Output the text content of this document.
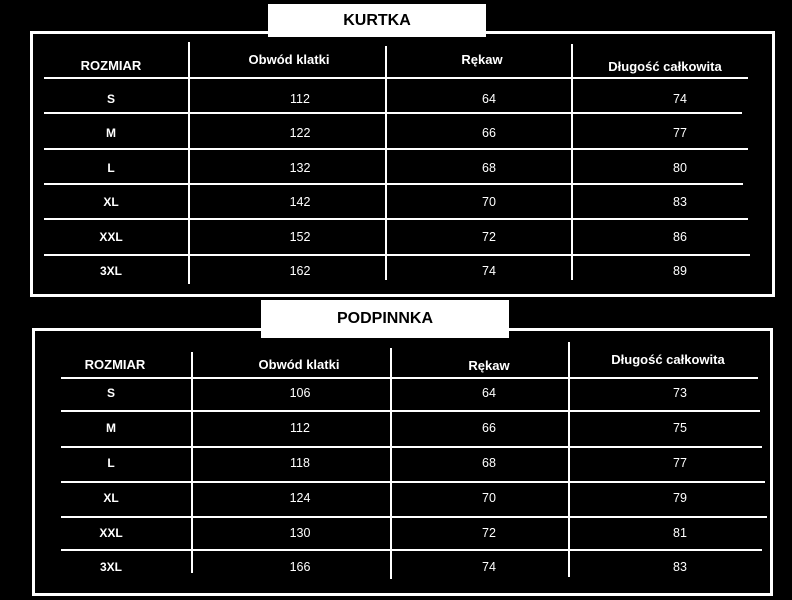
KURTKA
ROZMIAR	Obwód klatki	Rękaw	Długość całkowita
S	112	64	74
M	122	66	77
L	132	68	80
XL	142	70	83
XXL	152	72	86
3XL	162	74	89
PODPINNKA
ROZMIAR	Obwód klatki	Rękaw	Długość całkowita
S	106	64	73
M	112	66	75
L	118	68	77
XL	124	70	79
XXL	130	72	81
3XL	166	74	83
